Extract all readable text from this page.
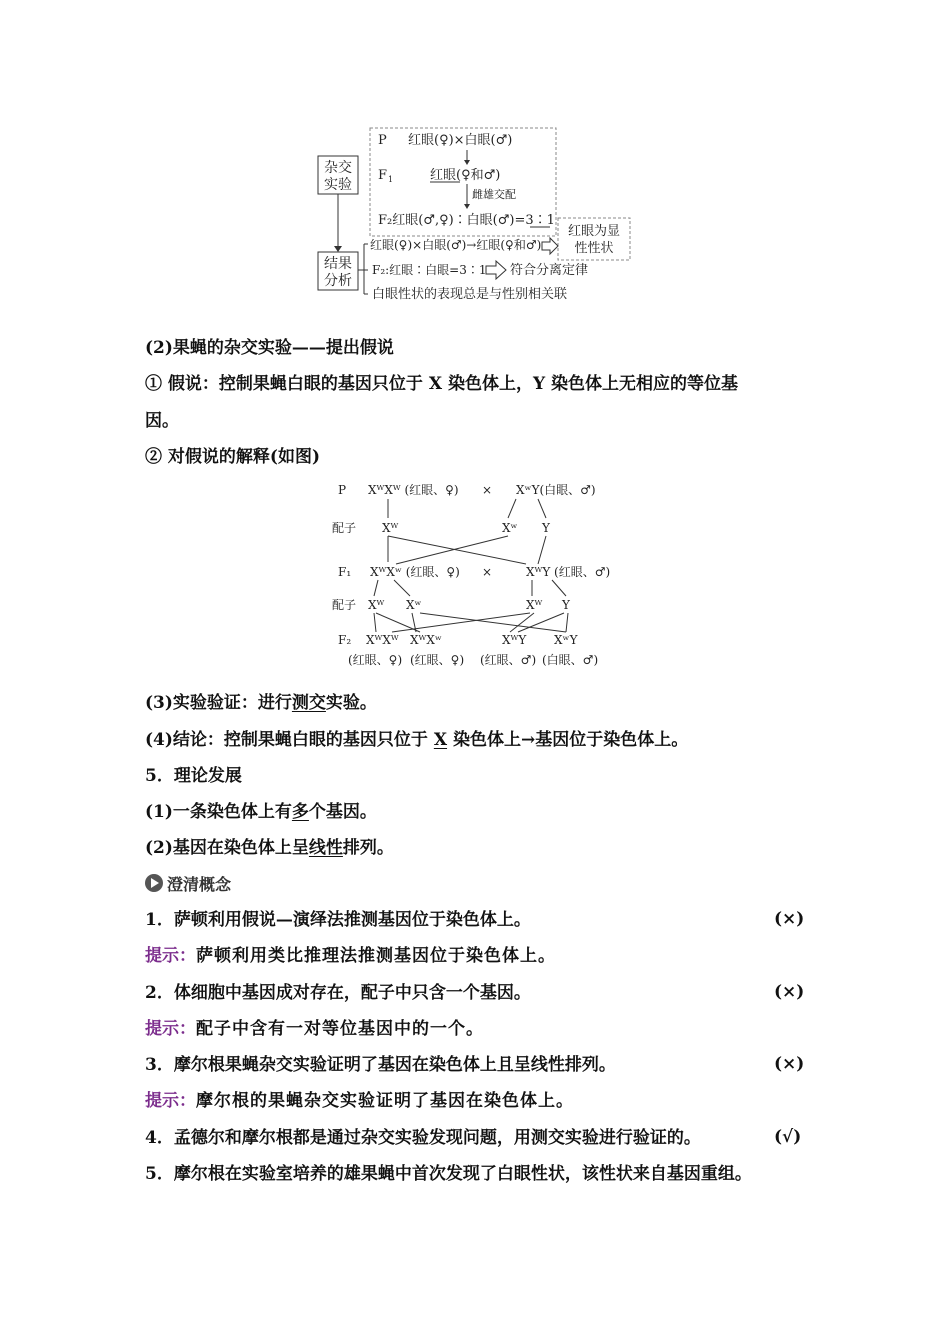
杂交
实验
结果
分析
P 红眼(♀)×白眼(♂)
F 1	红眼(♀和♂)
雌雄交配
F₂红眼(♂,♀)∶白眼(♂)=3∶1
红眼为显
性性状
红眼(♀)×白眼(♂)→红眼(♀和♂)
F₂:红眼∶白眼=3∶1 符合分离定律
白眼性状的表现总是与性别相关联
(2)果蝇的杂交实验——提出假说
① 假说：控制果蝇白眼的基因只位于 X 染色体上，Y 染色体上无相应的等位基
因。
② 对假说的解释(如图)
P XᵂXᵂ (红眼、♀) × XʷY(白眼、♂)
配子 Xᵂ	Xʷ Y
F₁ XᵂXʷ (红眼、♀) ×	XᵂY (红眼、♂)
配子 Xᵂ Xʷ	Xᵂ Y
F₂ XᵂXᵂ XᵂXʷ	XᵂY XʷY
(红眼、♀) (红眼、♀) (红眼、♂) (白眼、♂)
(3)实验验证：进行测交实验。
(4)结论：控制果蝇白眼的基因只位于 X 染色体上→基因位于染色体上。
5．理论发展
(1)一条染色体上有多个基因。
(2)基因在染色体上呈线性排列。
澄清概念
1．萨顿利用假说—演绎法推测基因位于染色体上。	(×)
提示：萨顿利用类比推理法推测基因位于染色体上。
2．体细胞中基因成对存在，配子中只含一个基因。	(×)
提示：配子中含有一对等位基因中的一个。
3．摩尔根果蝇杂交实验证明了基因在染色体上且呈线性排列。	(×)
提示：摩尔根的果蝇杂交实验证明了基因在染色体上。
4．孟德尔和摩尔根都是通过杂交实验发现问题，用测交实验进行验证的。	(√)
5．摩尔根在实验室培养的雄果蝇中首次发现了白眼性状，该性状来自基因重组。
